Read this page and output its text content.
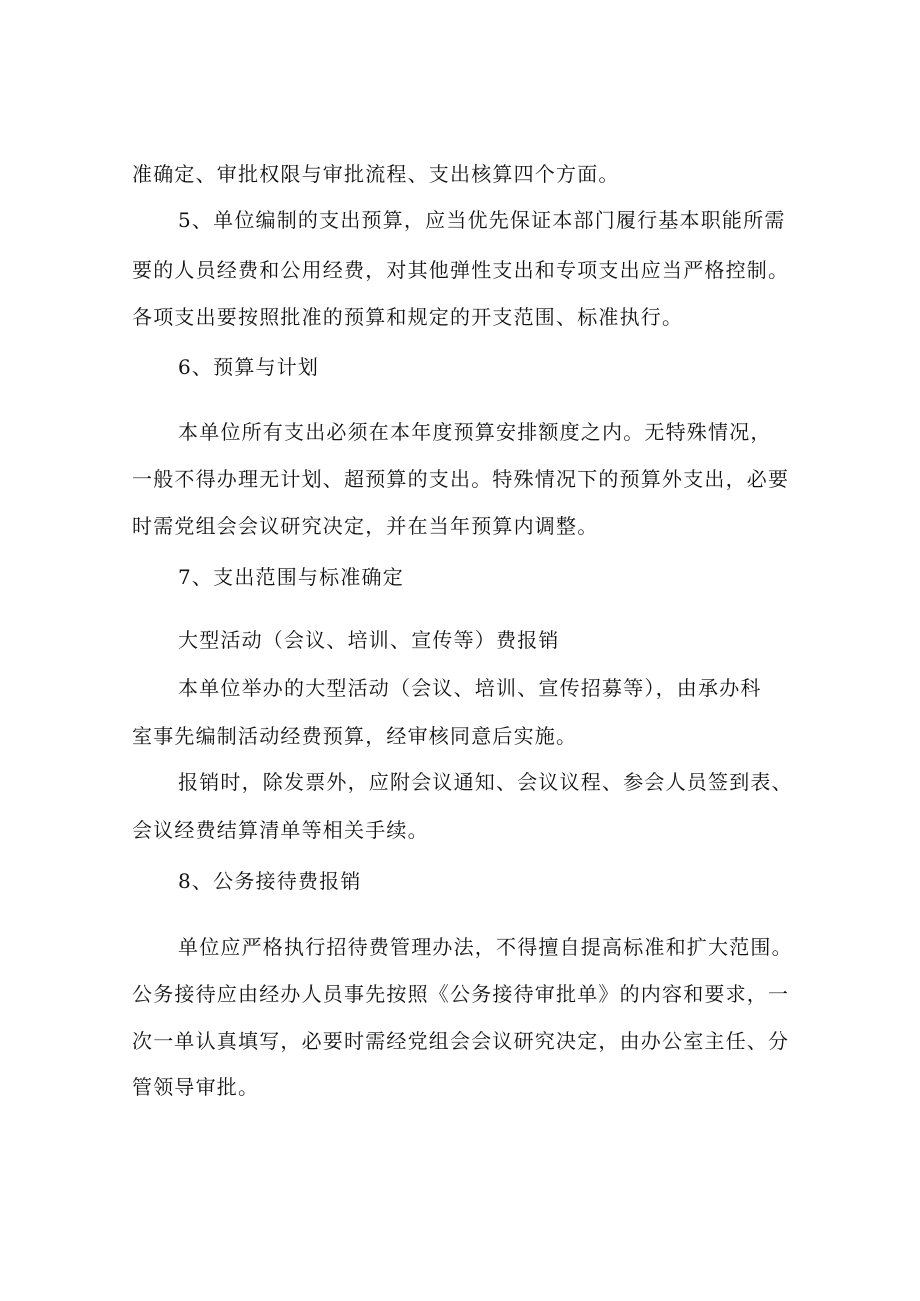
准确定、审批权限与审批流程、支出核算四个方面。
5、单位编制的支出预算，应当优先保证本部门履行基本职能所需
要的人员经费和公用经费，对其他弹性支出和专项支出应当严格控制。
各项支出要按照批准的预算和规定的开支范围、标准执行。
6、预算与计划
本单位所有支出必须在本年度预算安排额度之内。无特殊情况，
一般不得办理无计划、超预算的支出。特殊情况下的预算外支出，必要
时需党组会会议研究决定，并在当年预算内调整。
7、支出范围与标准确定
大型活动（会议、培训、宣传等）费报销
本单位举办的大型活动（会议、培训、宣传招募等），由承办科
室事先编制活动经费预算，经审核同意后实施。
报销时，除发票外，应附会议通知、会议议程、参会人员签到表、
会议经费结算清单等相关手续。
8、公务接待费报销
单位应严格执行招待费管理办法，不得擅自提高标准和扩大范围。
公务接待应由经办人员事先按照《公务接待审批单》的内容和要求，一
次一单认真填写，必要时需经党组会会议研究决定，由办公室主任、分
管领导审批。
